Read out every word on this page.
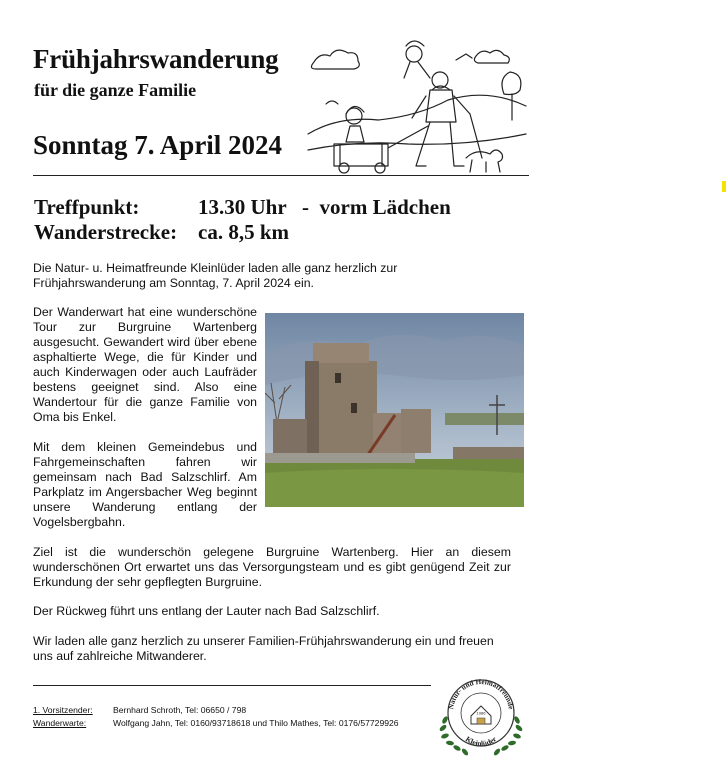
Frühjahrswanderung
für die ganze Familie
Sonntag 7. April 2024
Treffpunkt:	13.30 Uhr   -  vorm Lädchen
Wanderstrecke: ca. 8,5 km
Die Natur- u. Heimatfreunde Kleinlüder laden alle ganz herzlich zur Frühjahrswanderung am Sonntag, 7. April 2024 ein.
Der Wanderwart hat eine wunderschöne Tour zur Burgruine Wartenberg ausgesucht. Gewandert wird über ebene asphaltierte Wege, die für Kinder und auch Kinderwagen oder auch Laufräder bestens geeignet sind. Also eine Wandertour für die ganze Familie von Oma bis Enkel.
Mit dem kleinen Gemeindebus und Fahrgemeinschaften fahren wir gemeinsam nach Bad Salzschlirf. Am Parkplatz im Angersbacher Weg beginnt unsere Wanderung entlang der Vogelsbergbahn.
Ziel ist die wunderschön gelegene Burgruine Wartenberg. Hier an diesem wunderschönen Ort erwartet uns das Versorgungsteam und es gibt genügend Zeit zur Erkundung der sehr gepflegten Burgruine.
Der Rückweg führt uns entlang der Lauter nach Bad Salzschlirf.
Wir laden alle ganz herzlich zu unserer Familien-Frühjahrswanderung ein und freuen uns auf zahlreiche Mitwanderer.
1. Vorsitzender:
Wanderwarte:
Bernhard Schroth, Tel: 06650 / 798
Wolfgang Jahn, Tel: 0160/93718618 und Thilo Mathes, Tel: 0176/57729926
Natur- und Heimatfreunde
Kleinlüder
1986
